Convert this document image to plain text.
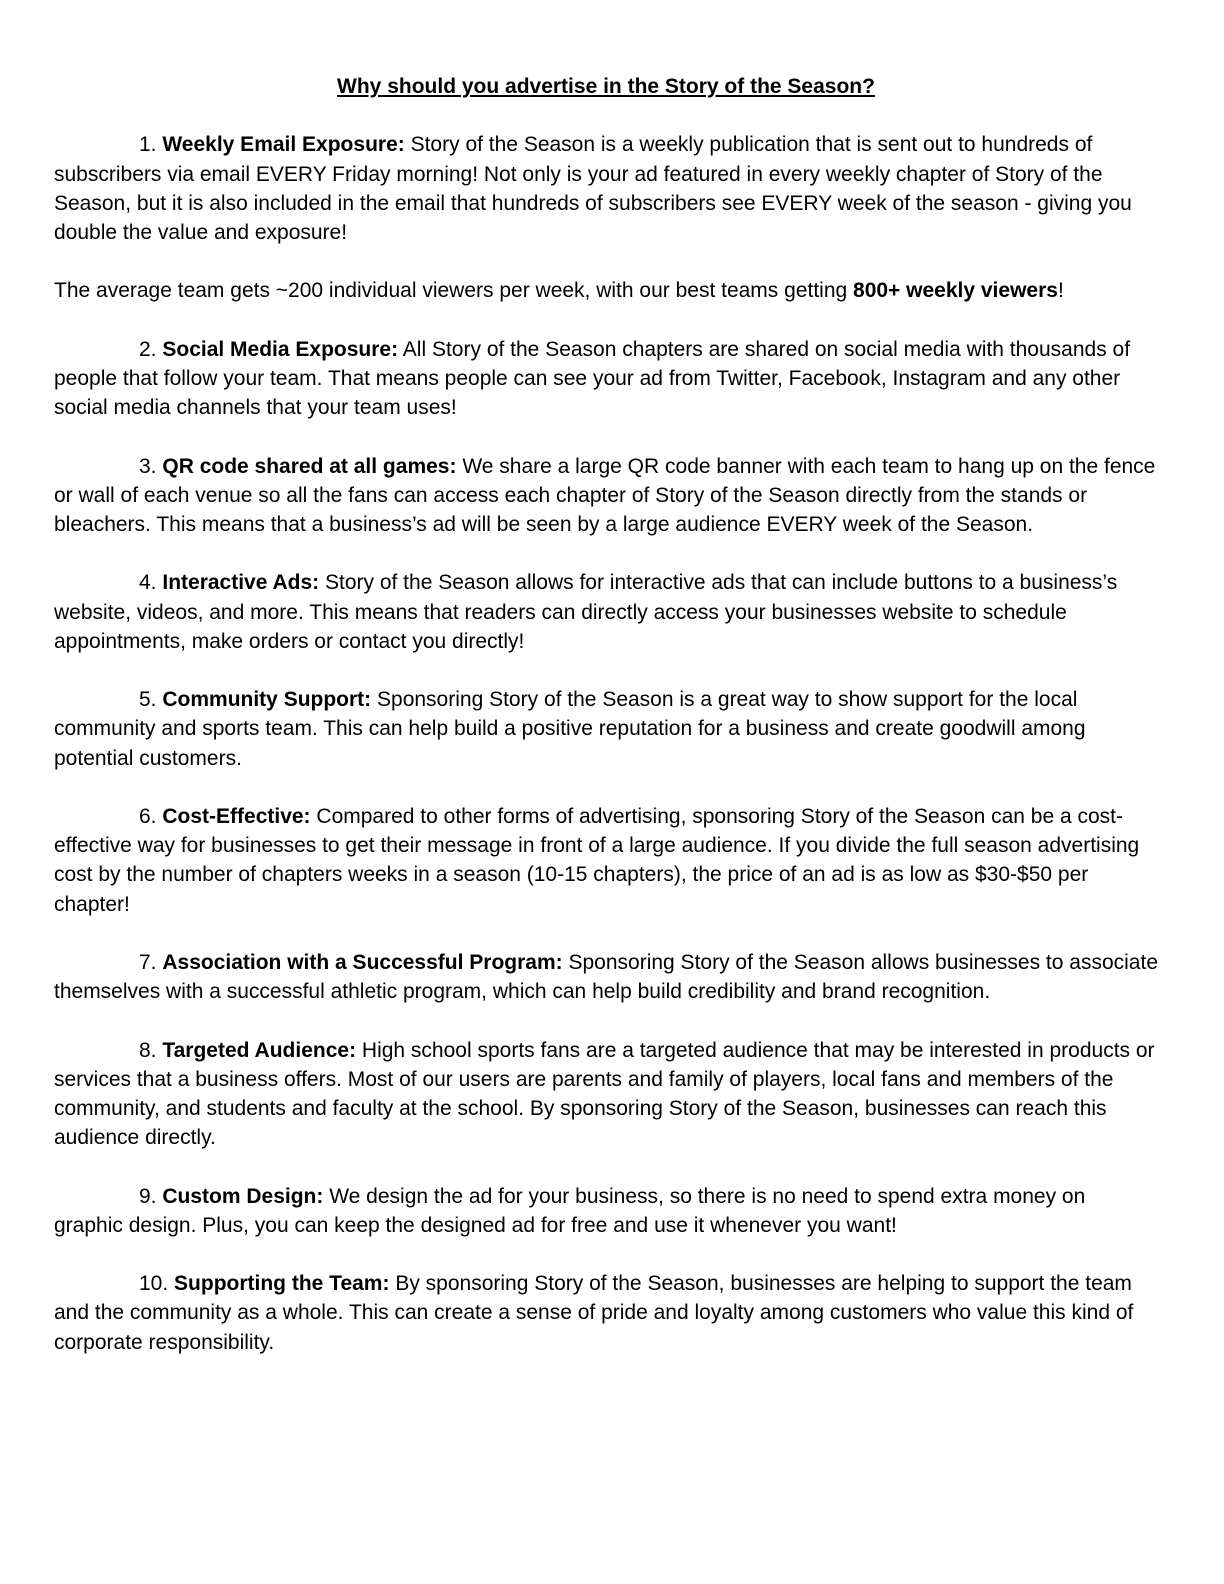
Why should you advertise in the Story of the Season?

1. Weekly Email Exposure: Story of the Season is a weekly publication that is sent out to hundreds of subscribers via email EVERY Friday morning! Not only is your ad featured in every weekly chapter of Story of the Season, but it is also included in the email that hundreds of subscribers see EVERY week of the season - giving you double the value and exposure!

The average team gets ~200 individual viewers per week, with our best teams getting 800+ weekly viewers!

2. Social Media Exposure: All Story of the Season chapters are shared on social media with thousands of people that follow your team. That means people can see your ad from Twitter, Facebook, Instagram and any other social media channels that your team uses!

3. QR code shared at all games: We share a large QR code banner with each team to hang up on the fence or wall of each venue so all the fans can access each chapter of Story of the Season directly from the stands or bleachers. This means that a business’s ad will be seen by a large audience EVERY week of the Season.

4. Interactive Ads: Story of the Season allows for interactive ads that can include buttons to a business’s website, videos, and more. This means that readers can directly access your businesses website to schedule appointments, make orders or contact you directly!

5. Community Support: Sponsoring Story of the Season is a great way to show support for the local community and sports team. This can help build a positive reputation for a business and create goodwill among potential customers.

6. Cost-Effective: Compared to other forms of advertising, sponsoring Story of the Season can be a cost-effective way for businesses to get their message in front of a large audience. If you divide the full season advertising cost by the number of chapters weeks in a season (10-15 chapters), the price of an ad is as low as $30-$50 per chapter!

7. Association with a Successful Program: Sponsoring Story of the Season allows businesses to associate themselves with a successful athletic program, which can help build credibility and brand recognition.

8. Targeted Audience: High school sports fans are a targeted audience that may be interested in products or services that a business offers. Most of our users are parents and family of players, local fans and members of the community, and students and faculty at the school. By sponsoring Story of the Season, businesses can reach this audience directly.

9. Custom Design: We design the ad for your business, so there is no need to spend extra money on graphic design. Plus, you can keep the designed ad for free and use it whenever you want!

10. Supporting the Team: By sponsoring Story of the Season, businesses are helping to support the team and the community as a whole. This can create a sense of pride and loyalty among customers who value this kind of corporate responsibility.
